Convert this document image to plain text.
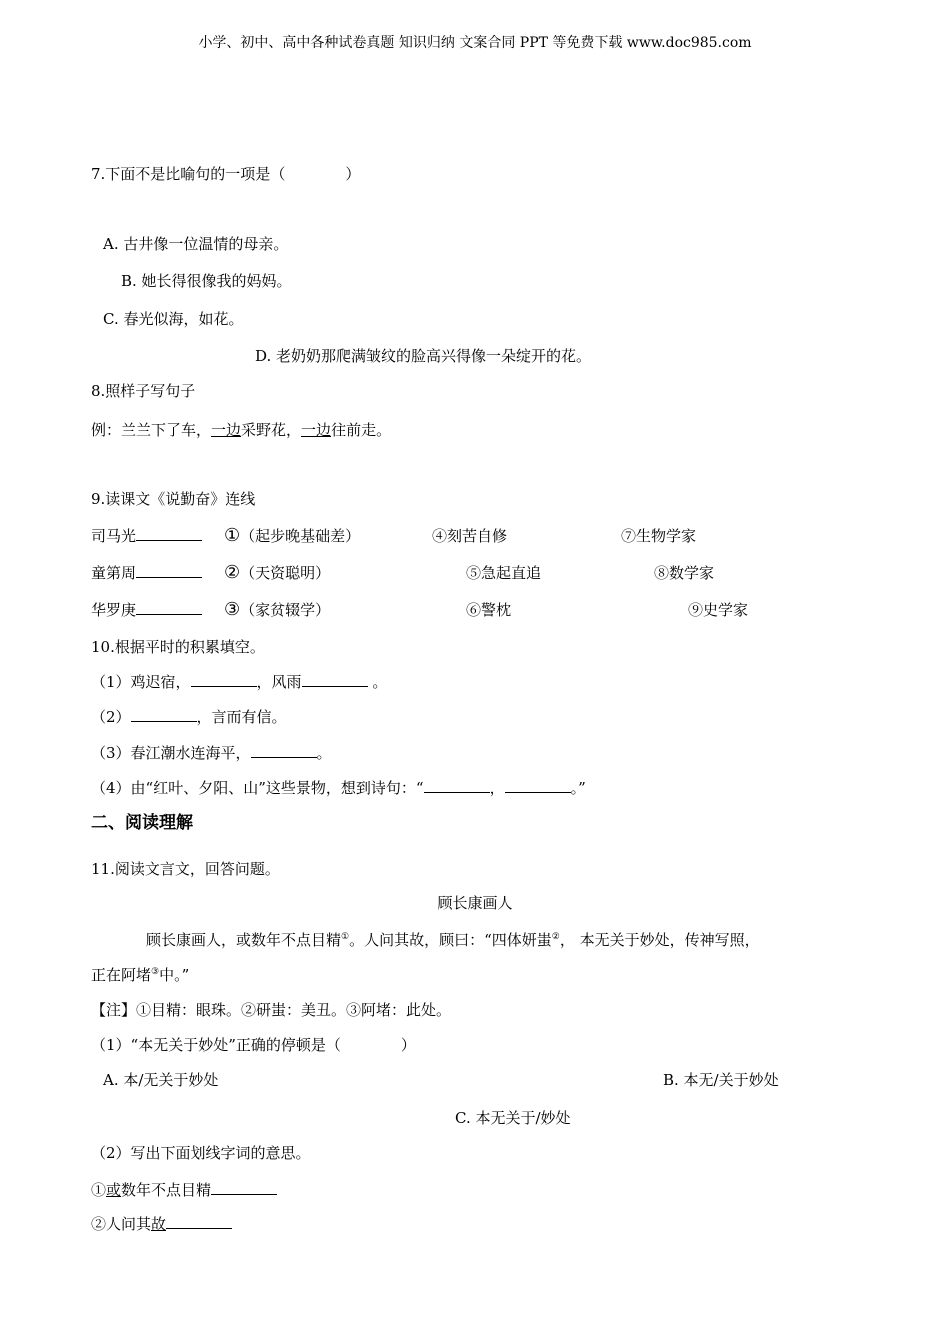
小学、初中、高中各种试卷真题 知识归纳 文案合同 PPT 等免费下载 www.doc985.com
7.下面不是比喻句的一项是（　　　　）
A. 古井像一位温情的母亲。
B. 她长得很像我的妈妈。
C. 春光似海，如花。
D. 老奶奶那爬满皱纹的脸高兴得像一朵绽开的花。
8.照样子写句子
例：兰兰下了车，一边采野花，一边往前走。
9.读课文《说勤奋》连线
司马光	①（起步晚基础差）	④刻苦自修	⑦生物学家
童第周	②（天资聪明）	⑤急起直追	⑧数学家
华罗庚	③（家贫辍学）	⑥警枕	⑨史学家
10.根据平时的积累填空。
（1）鸡迟宿，	，风雨	。
（2）	，言而有信。
（3）春江潮水连海平，	。
（4）由“红叶、夕阳、山”这些景物，想到诗句：“	，	。”
二、阅读理解
11.阅读文言文，回答问题。
顾长康画人
顾长康画人，或数年不点目精①。人问其故，顾曰：“四体妍蚩②， 本无关于妙处，传神写照，
正在阿堵③中。”
【注】①目精：眼珠。②研蚩：美丑。③阿堵：此处。
（1）“本无关于妙处”正确的停顿是（　　　　）
A. 本/无关于妙处	B. 本无/关于妙处
C. 本无关于/妙处
（2）写出下面划线字词的意思。
①或数年不点目精
②人问其故
